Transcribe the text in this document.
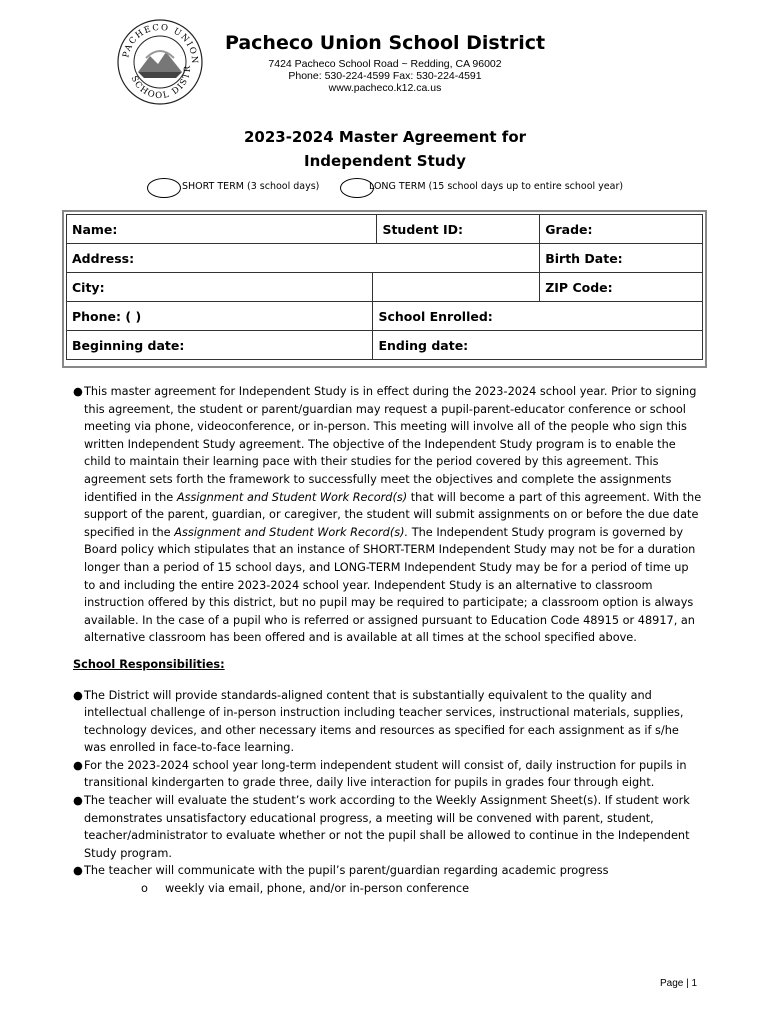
PACHECO UNION
SCHOOL DISTR
Pacheco Union School District
7424 Pacheco School Road ~ Redding, CA 96002
Phone: 530-224-4599 Fax: 530-224-4591
www.pacheco.k12.ca.us
2023-2024 Master Agreement for
Independent Study
SHORT TERM (3 school days)	LONG TERM (15 school days up to entire school year)
Name:		Student ID:	Grade:
Address:			Birth Date:
City:			ZIP Code:
Phone: ( )	School Enrolled:		
Beginning date:	Ending date:		
● This master agreement for Independent Study is in effect during the 2023-2024 school year. Prior to signing this agreement, the student or parent/guardian may request a pupil-parent-educator conference or school meeting via phone, videoconference, or in-person. This meeting will involve all of the people who sign this written Independent Study agreement. The objective of the Independent Study program is to enable the child to maintain their learning pace with their studies for the period covered by this agreement. This agreement sets forth the framework to successfully meet the objectives and complete the assignments identified in the Assignment and Student Work Record(s) that will become a part of this agreement. With the support of the parent, guardian, or caregiver, the student will submit assignments on or before the due date specified in the Assignment and Student Work Record(s). The Independent Study program is governed by Board policy which stipulates that an instance of SHORT-TERM Independent Study may not be for a duration longer than a period of 15 school days, and LONG-TERM Independent Study may be for a period of time up to and including the entire 2023-2024 school year. Independent Study is an alternative to classroom instruction offered by this district, but no pupil may be required to participate; a classroom option is always available. In the case of a pupil who is referred or assigned pursuant to Education Code 48915 or 48917, an alternative classroom has been offered and is available at all times at the school specified above.
School Responsibilities:
● The District will provide standards-aligned content that is substantially equivalent to the quality and intellectual challenge of in-person instruction including teacher services, instructional materials, supplies, technology devices, and other necessary items and resources as specified for each assignment as if s/he was enrolled in face-to-face learning.
● For the 2023-2024 school year long-term independent student will consist of, daily instruction for pupils in transitional kindergarten to grade three, daily live interaction for pupils in grades four through eight.
● The teacher will evaluate the student’s work according to the Weekly Assignment Sheet(s). If student work demonstrates unsatisfactory educational progress, a meeting will be convened with parent, student, teacher/administrator to evaluate whether or not the pupil shall be allowed to continue in the Independent Study program.
● The teacher will communicate with the pupil’s parent/guardian regarding academic progress
o	weekly via email, phone, and/or in-person conference
Page | 1
